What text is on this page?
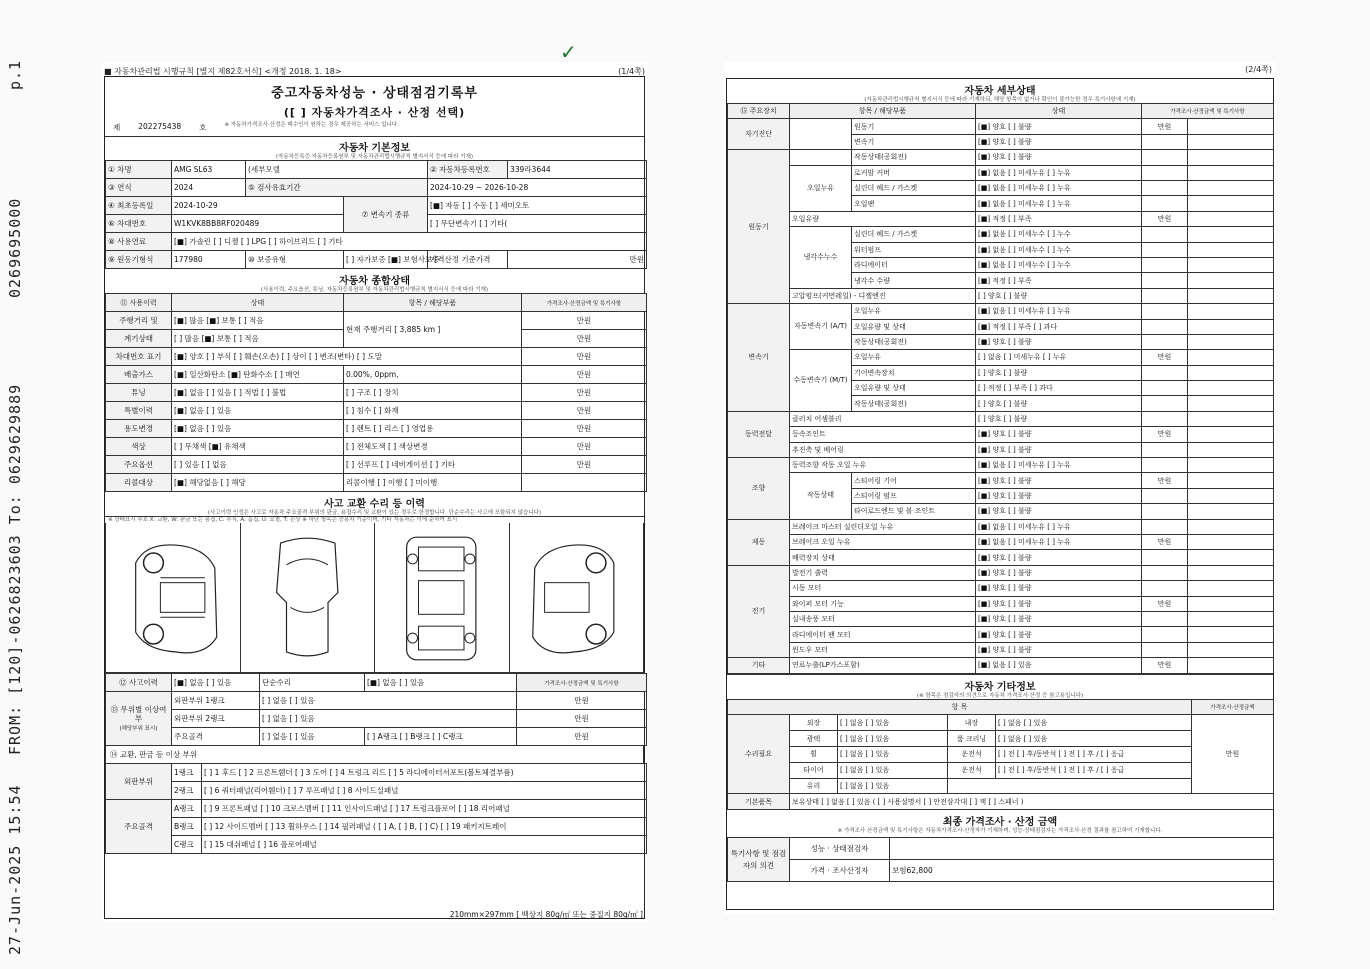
p.1
0269695000
FROM: [120]-0626823603 To: 0629629889
27-Jun-2025 15:54
■ 자동차관리법 시행규칙 [별지 제82호서식] <개정 2018. 1. 18>	(1/4쪽)
✓
중고자동차성능 · 상태점검기록부
([ ] 자동차가격조사 · 산정 선택)
제 202275438 호	※ 자동차가격조사·산정은 매수인이 원하는 경우 제공하는 서비스 입니다.
자동차 기본정보
(자동차등록증·자동차등록원부 및 자동차관리법시행규칙 별지서식 등에 따라 기재)
① 차명	AMG SL63	(세부모델		② 자동차등록번호	339라3644
③ 연식	2024	⑤ 검사유효기간		2024-10-29 ~ 2026-10-28	
④ 최초등록일	2024-10-29		⑦ 변속기 종류	[■] 자동 [ ] 수동 [ ] 세미오토	
⑥ 차대번호	W1KVK8BB8RF020489			[ ] 무단변속기 [ ] 기타(	
⑧ 사용연료	[■] 가솔린 [ ] 디젤 [ ] LPG [ ] 하이브리드 [ ] 기타				
⑨ 원동기형식	177980	⑩ 보증유형	[ ] 자가보증 [■] 보험사보증	가격산정 기준가격	만원
자동차 종합상태
(사용이력, 주요옵션, 튜닝, 자동차등록원부 및 자동차관리법시행규칙 별지서식 등에 따라 기재)
⑪ 사용이력	상태	항목 / 해당부품	가격조사·산정금액 및 특기사항
주행거리 및	[■] 많음 [■] 보통 [ ] 적음	현재 주행거리 [ 3,885 km ]	만원
계기상태	[ ] 많음 [■] 보통 [ ] 적음		만원
차대번호 표기	[■] 양호 [ ] 부식 [ ] 훼손(오손) [ ] 상이 [ ] 변조(변타) [ ] 도말		만원
배출가스	[■] 일산화탄소 [■] 탄화수소 [ ] 매연	0.00%, 0ppm,	만원
튜닝	[■] 없음 [ ] 있음 [ ] 적법 [ ] 불법	[ ] 구조 [ ] 장치	만원
특별이력	[■] 없음 [ ] 있음	[ ] 침수 [ ] 화재	만원
용도변경	[■] 없음 [ ] 있음	[ ] 렌트 [ ] 리스 [ ] 영업용	만원
색상	[ ] 무채색 [■] 유채색	[ ] 전체도색 [ ] 색상변경	만원
주요옵션	[ ] 있음 [ ] 없음	[ ] 선루프 [ ] 네비게이션 [ ] 기타	만원
리콜대상	[■] 해당없음 [ ] 해당	리콜이행 [ ] 이행 [ ] 미이행	
사고 교환 수리 등 이력
(사고이력 인정은 사고로 자동차 주요골격 부위의 판금, 용접수리 및 교환이 있는 경우로 한정합니다. 단순수리는 사고에 포함되지 않습니다)
※ 상태표시 부호 X: 교환, W: 판금 또는 용접, C: 부식, A: 흠집, U: 요철, T: 손상 ※ 하단 항목은 승용차 기준이며, 기타 자동차는 이에 준하여 표시
⑫ 사고이력	[■] 없음 [ ] 있음	단순수리	[■] 없음 [ ] 있음	가격조사·산정금액 및 특기사항
⑬ 무위별 이상여부
(해당부위 표시)	외판부위 1랭크	[ ] 없음 [ ] 있음		만원
	외판부위 2랭크	[ ] 없음 [ ] 있음		만원
	주요골격	[ ] 없음 [ ] 있음	[ ] A랭크 [ ] B랭크 [ ] C랭크	만원
⑭ 교환, 판금 등 이상 부위
외판부위	1랭크	[ ] 1 후드 [ ] 2 프론트휀더 [ ] 3 도어 [ ] 4 트렁크 리드 [ ] 5 라디에이터서포트(볼트체결부품)
	2랭크	[ ] 6 쿼터패널(리어휀더) [ ] 7 루프패널 [ ] 8 사이드실패널
주요골격	A랭크	[ ] 9 프론트패널 [ ] 10 크로스멤버 [ ] 11 인사이드패널 [ ] 17 트렁크플로어 [ ] 18 리어패널
	B랭크	[ ] 12 사이드멤버 [ ] 13 휠하우스 [ ] 14 필러패널 ( [ ] A, [ ] B, [ ] C) [ ] 19 패키지트레이
	C랭크	[ ] 15 대쉬패널 [ ] 16 플로어패널
210mm×297mm [ 백상지 80g/㎡ 또는 중질지 80g/㎡ ]
(2/4쪽)
자동차 세부상태
(자동차관리법시행규칙 별지서식 등에 따라 기재하되, 해당 항목이 없거나 확인이 불가능한 경우 특기사항에 기재)
⑮ 주요장치	항목 / 해당부품		상태	가격조사·산정금액 및 특기사항	
자기진단		원동기	[■] 양호 [ ] 불량	만원	
		변속기	[■] 양호 [ ] 불량		
원동기		작동상태(공회전)	[■] 양호 [ ] 불량		
	오일누유	로커암 커버	[■] 없음 [ ] 미세누유 [ ] 누유		
		실린더 헤드 / 가스켓	[■] 없음 [ ] 미세누유 [ ] 누유		
		오일팬	[■] 없음 [ ] 미세누유 [ ] 누유		
	오일유량		[■] 적정 [ ] 부족	만원	
	냉각수누수	실린더 헤드 / 가스켓	[■] 없음 [ ] 미세누수 [ ] 누수		
		워터펌프	[■] 없음 [ ] 미세누수 [ ] 누수		
		라디에이터	[■] 없음 [ ] 미세누수 [ ] 누수		
		냉각수 수량	[■] 적정 [ ] 부족		
	고압펌프(커먼레일) - 디젤엔진		[ ] 양호 [ ] 불량		
변속기	자동변속기 (A/T)	오일누유	[■] 없음 [ ] 미세누유 [ ] 누유		
		오일유량 및 상태	[■] 적정 [ ] 부족 [ ] 과다		
		작동상태(공회전)	[■] 양호 [ ] 불량		
	수동변속기 (M/T)	오일누유	[ ] 없음 [ ] 미세누유 [ ] 누유	만원	
		기어변속장치	[ ] 양호 [ ] 불량		
		오일유량 및 상태	[ ] 적정 [ ] 부족 [ ] 과다		
		작동상태(공회전)	[ ] 양호 [ ] 불량		
동력전달	클러치 어셈블리		[ ] 양호 [ ] 불량		
	등속조인트		[■] 양호 [ ] 불량	만원	
	추진축 및 베어링		[■] 양호 [ ] 불량		
조향	동력조향 작동 오일 누유		[■] 없음 [ ] 미세누유 [ ] 누유		
	작동상태	스티어링 기어	[■] 양호 [ ] 불량	만원	
		스티어링 펌프	[■] 양호 [ ] 불량		
		타이로드엔드 및 볼 조인트	[■] 양호 [ ] 불량		
제동	브레이크 마스터 실린더오일 누유		[■] 없음 [ ] 미세누유 [ ] 누유		
	브레이크 오일 누유		[■] 없음 [ ] 미세누유 [ ] 누유	만원	
	배력장치 상태		[■] 양호 [ ] 불량		
전기	발전기 출력		[■] 양호 [ ] 불량		
	시동 모터		[■] 양호 [ ] 불량		
	와이퍼 모터 기능		[■] 양호 [ ] 불량	만원	
	실내송풍 모터		[■] 양호 [ ] 불량		
	라디에이터 팬 모터		[■] 양호 [ ] 불량		
	윈도우 모터		[■] 양호 [ ] 불량		
기타	연료누출(LP가스포함)		[■] 없음 [ ] 있음	만원	
자동차 기타정보
(※ 항목은 점검자의 의견으로 자동차 가격조사·산정 등 참고용입니다)
항 목					가격조사·산정금액
수리필요	외장	[ ] 없음 [ ] 있음	내장	[ ] 없음 [ ] 있음	만원
	광택	[ ] 없음 [ ] 있음	룸 크리닝	[ ] 없음 [ ] 있음	
	휠	[ ] 없음 [ ] 있음	운전석	[ ] 전 [ ] 후/동반석 [ ] 전 [ ] 후 / [ ] 응급	
	타이어	[ ] 없음 [ ] 있음	운전석	[ ] 전 [ ] 후/동반석 [ ] 전 [ ] 후 / [ ] 응급	
	유리	[ ] 없음 [ ] 있음			
기본품목	보유상태 [ ] 없음 [ ] 있음 ( [ ] 사용설명서 [ ] 안전삼각대 [ ] 잭 [ ] 스패너 )				
최종 가격조사 · 산정 금액
※ 가격조사 산정금액 및 특기사항은 자동차가격조사·산정자가 기재하며, 성능·상태점검자는 가격조사·산정 결과를 참고하여 기재합니다.
특기사항 및 점검자의 의견	성능 · 상태점검자	
	가격 · 조사산정자	보험62,800
